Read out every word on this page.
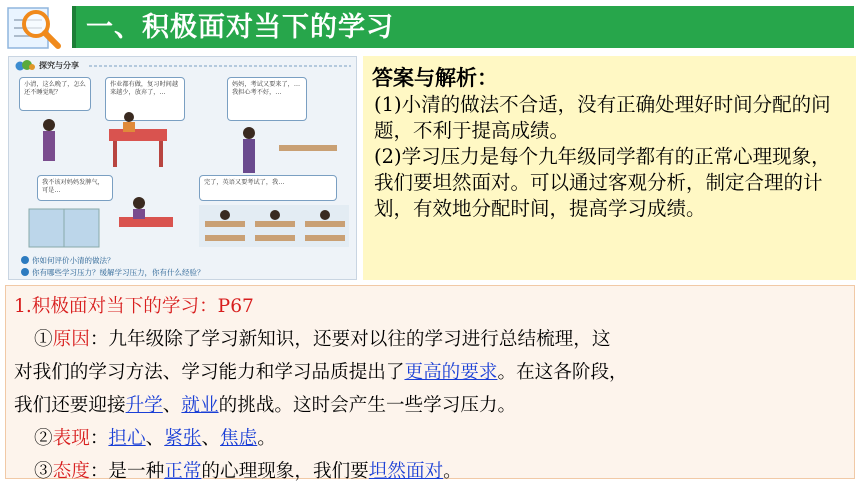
一、积极面对当下的学习
探究与分享
小清，这么晚了，怎么还不睡觉呢？
作业都有做，复习时间越来越少，放弃了，…
妈妈，考试又要来了，…我担心考不好，…
我不该对妈妈发脾气，可是…
完了，英语又要考试了，我…
你如何评价小清的做法？
你有哪些学习压力？缓解学习压力，你有什么经验？
答案与解析：

(1)小清的做法不合适，没有正确处理好时间分配的问题，不利于提高成绩。

(2)学习压力是每个九年级同学都有的正常心理现象，我们要坦然面对。可以通过客观分析，制定合理的计划，有效地分配时间，提高学习成绩。

1.积极面对当下的学习：P67
①原因：九年级除了学习新知识，还要对以往的学习进行总结梳理，这
对我们的学习方法、学习能力和学习品质提出了更高的要求。在这各阶段，
我们还要迎接升学、就业的挑战。这时会产生一些学习压力。
②表现：担心、紧张、焦虑。
③态度：是一种正常的心理现象，我们要坦然面对。
